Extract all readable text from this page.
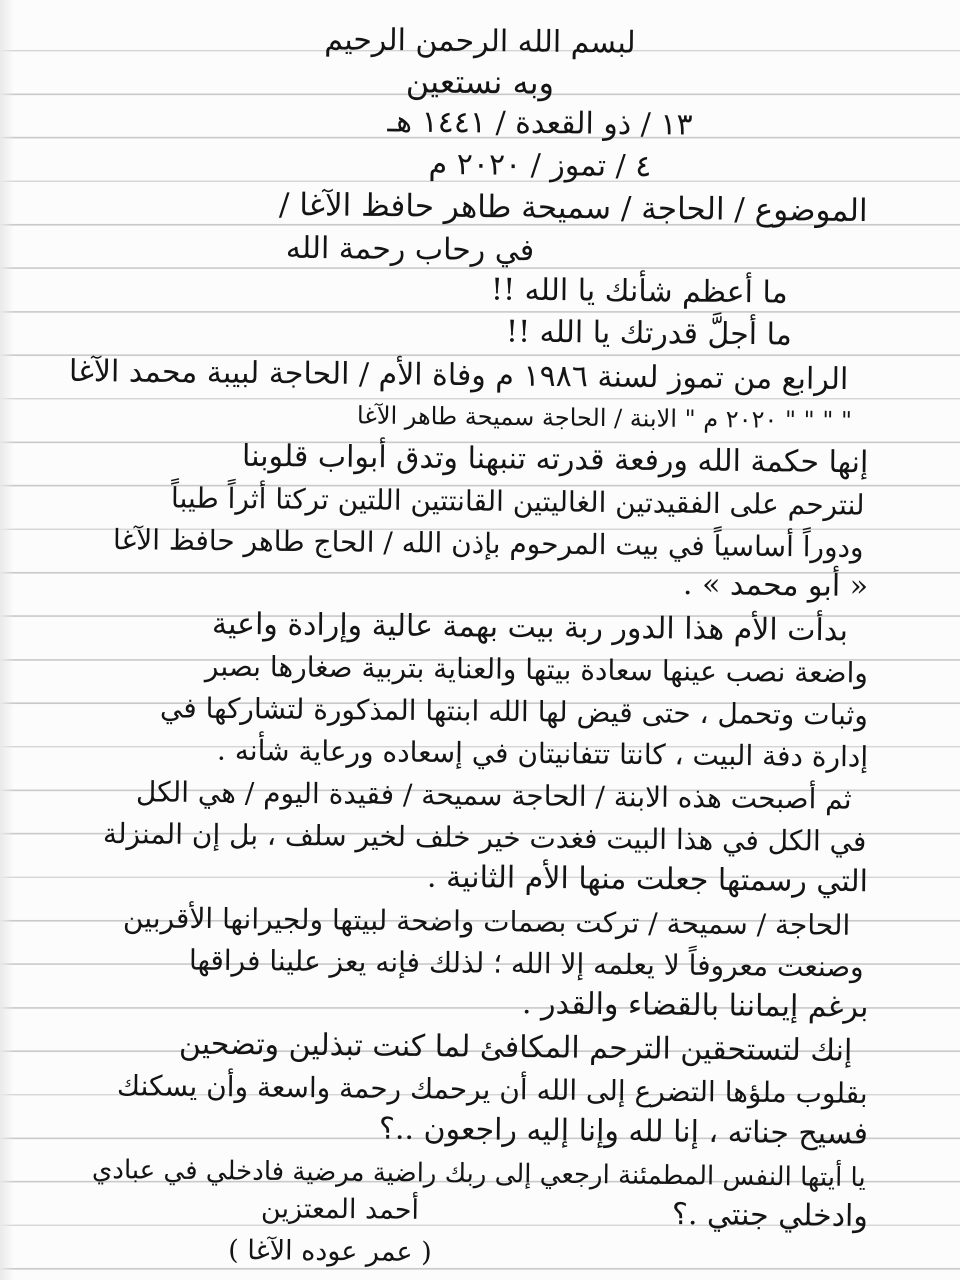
لبسم الله الرحمن الرحيم
وبه نستعين
١٣ / ذو القعدة / ١٤٤١ هـ
٤ / تموز / ٢٠٢٠ م
الموضوع / الحاجة / سميحة طاهر حافظ الآغا /
في رحاب رحمة الله
ما أعظم شأنك يا الله !!
ما أجلَّ قدرتك يا الله !!
الرابع من تموز لسنة ١٩٨٦ م وفاة الأم / الحاجة لبيبة محمد الآغا
" " " " ٢٠٢٠ م " الابنة / الحاجة سميحة طاهر الآغا
إنها حكمة الله ورفعة قدرته تنبهنا وتدق أبواب قلوبنا
لنترحم على الفقيدتين الغاليتين القانتتين اللتين تركتا أثراً طيباً
ودوراً أساسياً في بيت المرحوم بإذن الله / الحاج طاهر حافظ الآغا
« أبو محمد » .
بدأت الأم هذا الدور ربة بيت بهمة عالية وإرادة واعية
واضعة نصب عينها سعادة بيتها والعناية بتربية صغارها بصبر
وثبات وتحمل ، حتى قيض لها الله ابنتها المذكورة لتشاركها في
إدارة دفة البيت ، كانتا تتفانيتان في إسعاده ورعاية شأنه .
ثم أصبحت هذه الابنة / الحاجة سميحة / فقيدة اليوم / هي الكل
في الكل في هذا البيت فغدت خير خلف لخير سلف ، بل إن المنزلة
التي رسمتها جعلت منها الأم الثانية .
الحاجة / سميحة / تركت بصمات واضحة لبيتها ولجيرانها الأقربين
وصنعت معروفاً لا يعلمه إلا الله ؛ لذلك فإنه يعز علينا فراقها
برغم إيماننا بالقضاء والقدر .
إنك لتستحقين الترحم المكافئ لما كنت تبذلين وتضحين
بقلوب ملؤها التضرع إلى الله أن يرحمك رحمة واسعة وأن يسكنك
فسيح جناته ، إنا لله وإنا إليه راجعون ..؟
يا أيتها النفس المطمئنة ارجعي إلى ربك راضية مرضية فادخلي في عبادي
وادخلي جنتي .؟
أحمد المعتزين
( عمر عوده الآغا )
